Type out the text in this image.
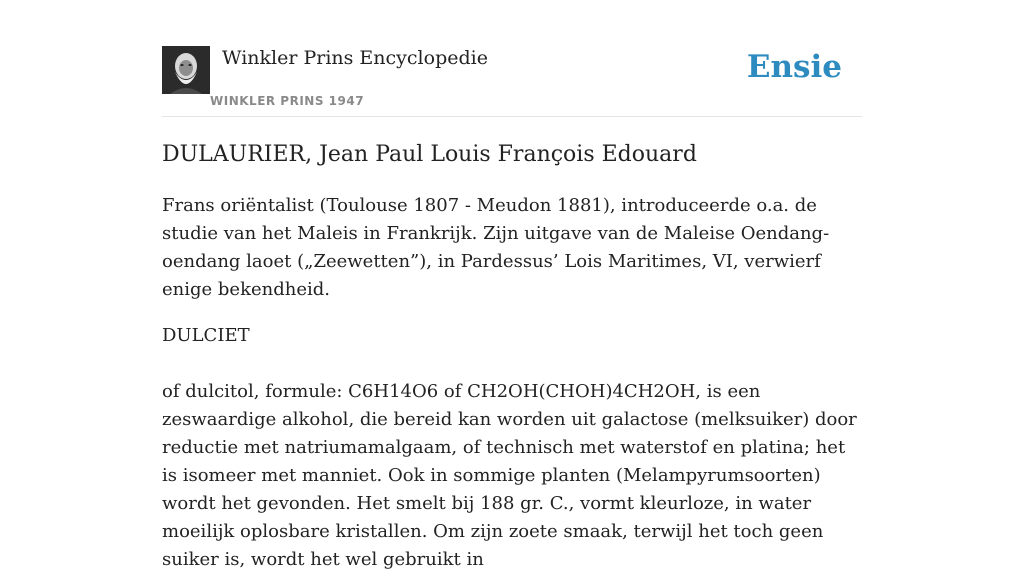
Winkler Prins Encyclopedie
WINKLER PRINS 1947
Ensie
DULAURIER, Jean Paul Louis François Edouard

Frans oriëntalist (Toulouse 1807 - Meudon 1881), introduceerde o.a. de studie van het Maleis in Frankrijk. Zijn uitgave van de Maleise Oendang-oendang laoet („Zeewetten”), in Pardessus’ Lois Maritimes, VI, verwierf enige bekendheid.

DULCIET

of dulcitol, formule: C6H14O6 of CH2OH(CHOH)4CH2OH, is een zeswaardige alkohol, die bereid kan worden uit galactose (melksuiker) door reductie met natriumamalgaam, of technisch met waterstof en platina; het is isomeer met manniet. Ook in sommige planten (Melampyrumsoorten) wordt het gevonden. Het smelt bij 188 gr. C., vormt kleurloze, in water moeilijk oplosbare kristallen. Om zijn zoete smaak, terwijl het toch geen suiker is, wordt het wel gebruikt in
